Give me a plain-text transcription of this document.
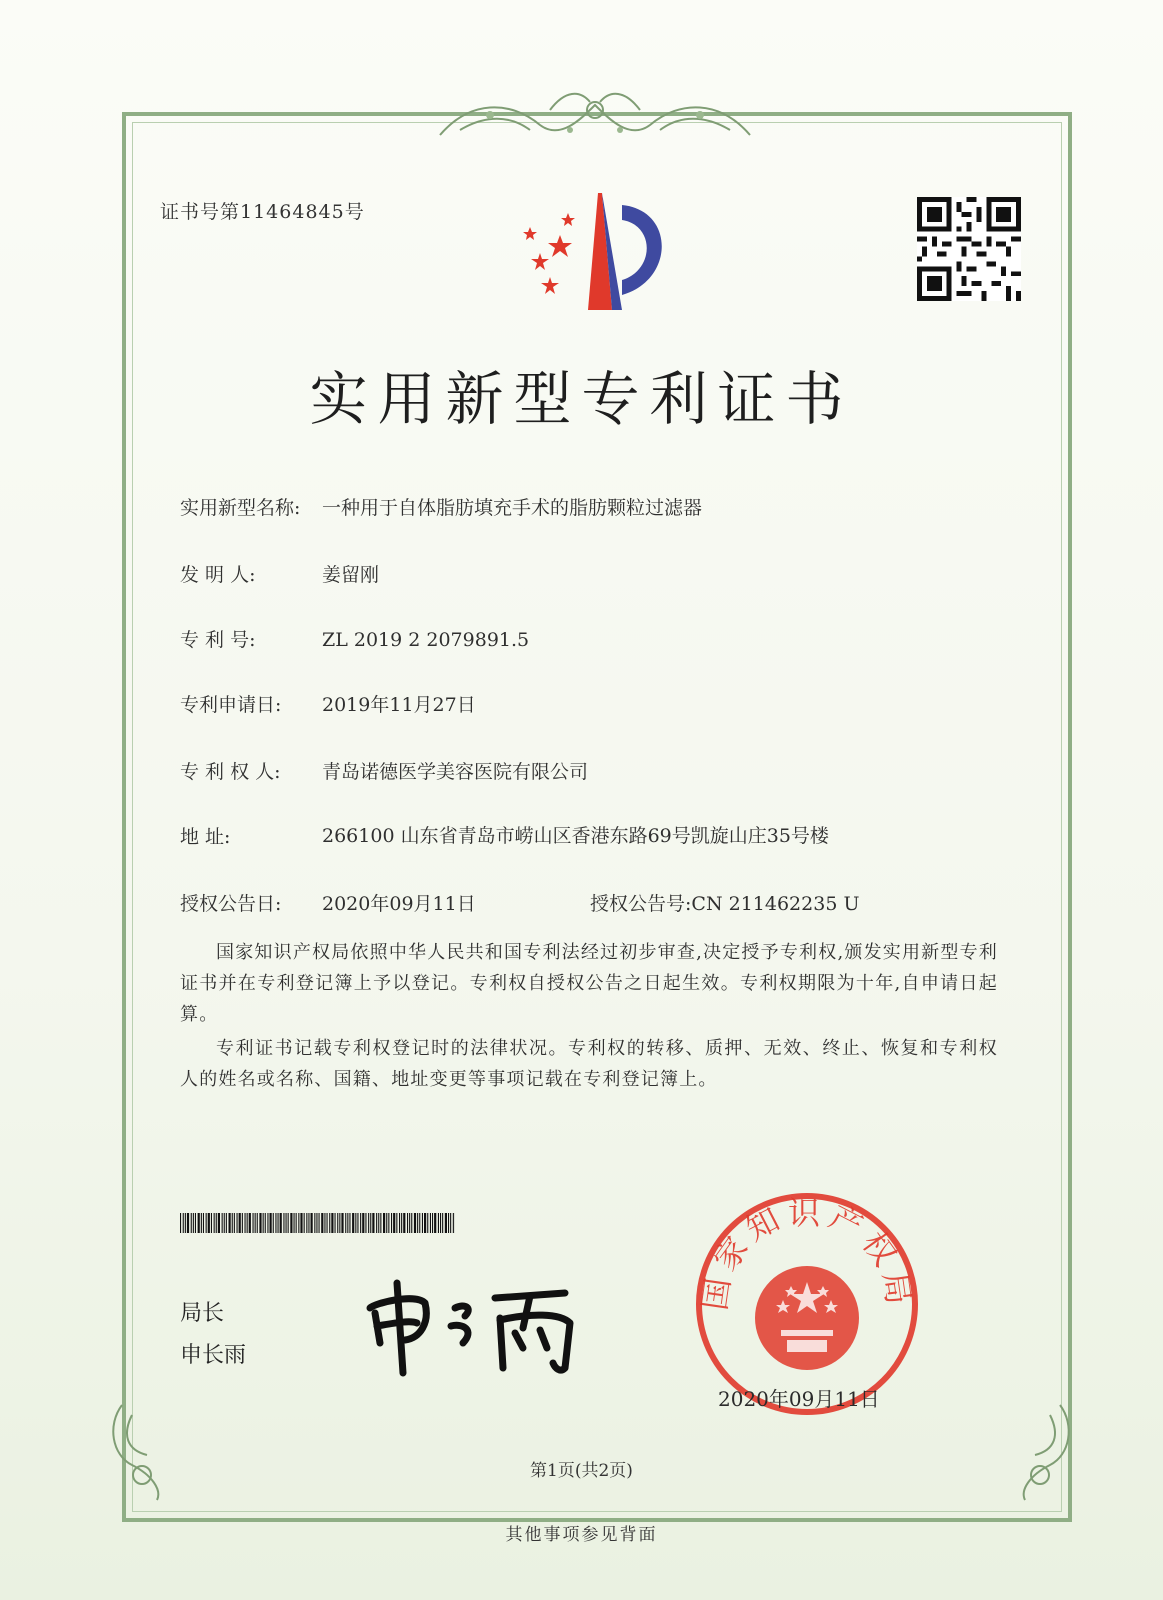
证书号第11464845号
实用新型专利证书
实用新型名称: 一种用于自体脂肪填充手术的脂肪颗粒过滤器
发 明 人:	姜留刚
专 利 号:	ZL 2019 2 2079891.5
专利申请日: 2019年11月27日
专 利 权 人: 青岛诺德医学美容医院有限公司
地 址:	266100 山东省青岛市崂山区香港东路69号凯旋山庄35号楼
授权公告日: 2020年09月11日	授权公告号:CN 211462235 U
国家知识产权局依照中华人民共和国专利法经过初步审查,决定授予专利权,颁发实用新型专利证书并在专利登记簿上予以登记。专利权自授权公告之日起生效。专利权期限为十年,自申请日起算。
专利证书记载专利权登记时的法律状况。专利权的转移、质押、无效、终止、恢复和专利权人的姓名或名称、国籍、地址变更等事项记载在专利登记簿上。
局长
申长雨
国家知识产权局
2020年09月11日
第1页(共2页)
其他事项参见背面
